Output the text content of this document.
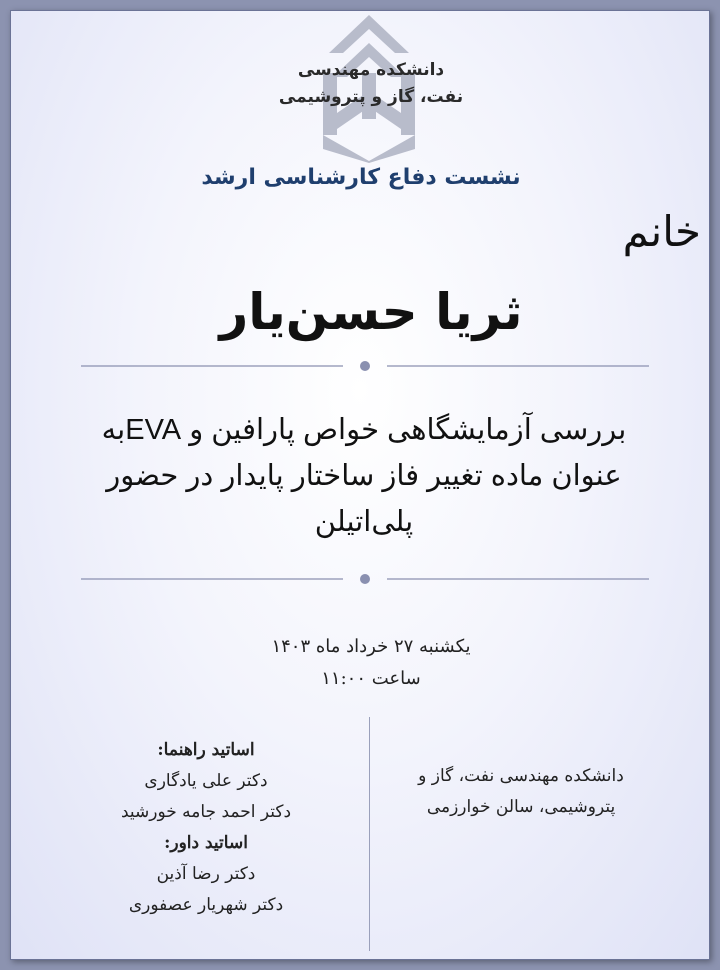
دانشکده مهندسی
نفت، گاز و پتروشیمی
نشست دفاع کارشناسی ارشد
خانم
ثریا حسن‌یار
بررسی آزمایشگاهی خواص پارافین و EVAبه عنوان ماده تغییر فاز ساختار پایدار در حضور پلی‌اتیلن
یکشنبه ۲۷ خرداد ماه ۱۴۰۳
ساعت ۱۱:۰۰
دانشکده مهندسی نفت، گاز و
پتروشیمی، سالن خوارزمی
اساتید راهنما:
دکتر علی یادگاری
دکتر احمد جامه خورشید
اساتید داور:
دکتر رضا آذین
دکتر شهریار عصفوری
